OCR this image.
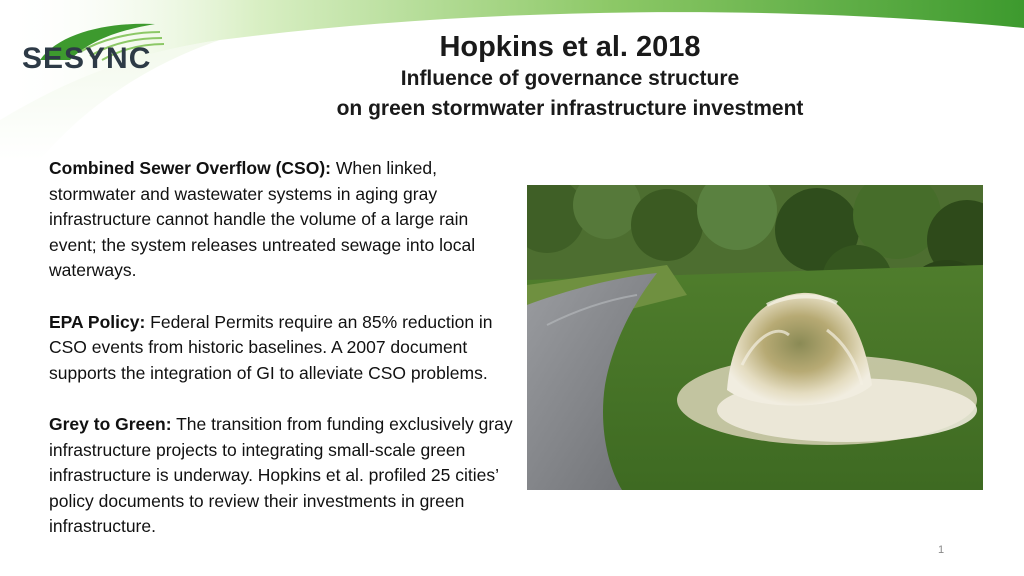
SESYNC	Hopkins et al. 2018
Influence of governance structure
on green stormwater infrastructure investment

Combined Sewer Overflow (CSO): When linked, stormwater and wastewater systems in aging gray infrastructure cannot handle the volume of a large rain event; the system releases untreated sewage into local waterways.

EPA Policy: Federal Permits require an 85% reduction in CSO events from historic baselines. A 2007 document supports the integration of GI to alleviate CSO problems.

Grey to Green: The transition from funding exclusively gray infrastructure projects to integrating small-scale green infrastructure is underway. Hopkins et al. profiled 25 cities’ policy documents to review their investments in green infrastructure.

1
